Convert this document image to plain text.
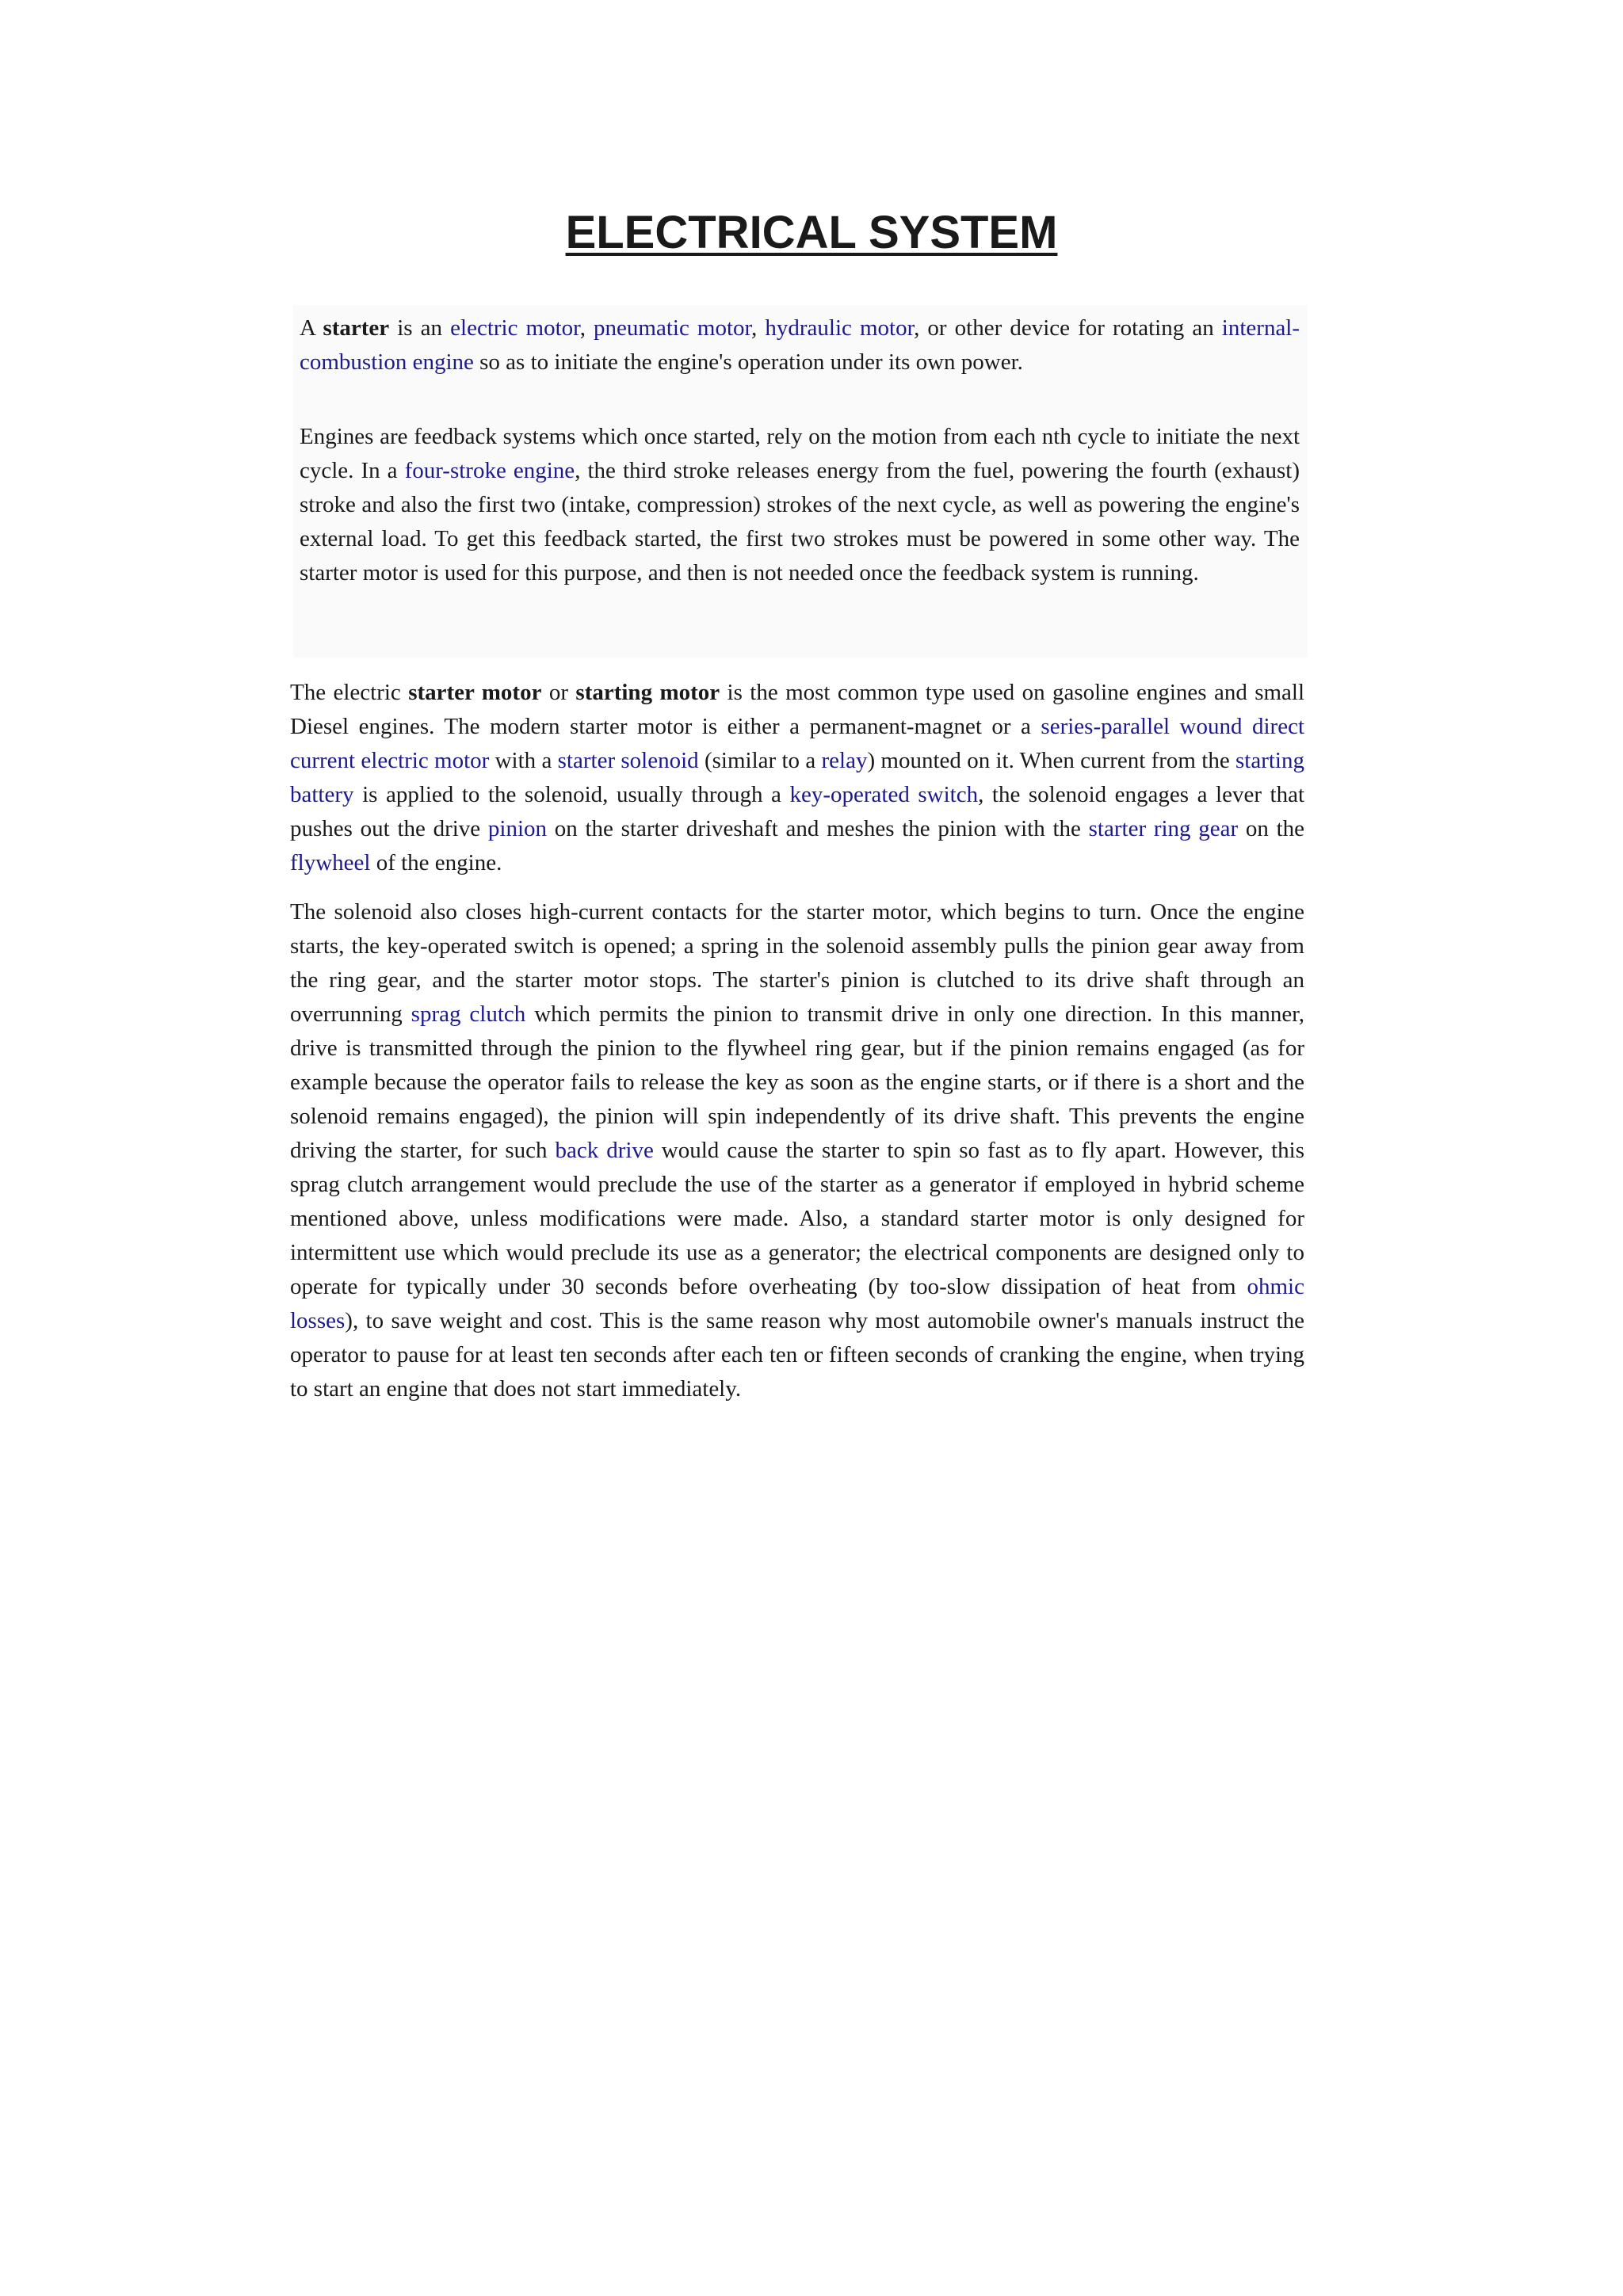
ELECTRICAL SYSTEM

A starter is an electric motor, pneumatic motor, hydraulic motor, or other device for rotating an internal-combustion engine so as to initiate the engine's operation under its own power.

Engines are feedback systems which once started, rely on the motion from each nth cycle to initiate the next cycle. In a four-stroke engine, the third stroke releases energy from the fuel, powering the fourth (exhaust) stroke and also the first two (intake, compression) strokes of the next cycle, as well as powering the engine's external load. To get this feedback started, the first two strokes must be powered in some other way. The starter motor is used for this purpose, and then is not needed once the feedback system is running.

The electric starter motor or starting motor is the most common type used on gasoline engines and small Diesel engines. The modern starter motor is either a permanent-magnet or a series-parallel wound direct current electric motor with a starter solenoid (similar to a relay) mounted on it. When current from the starting battery is applied to the solenoid, usually through a key-operated switch, the solenoid engages a lever that pushes out the drive pinion on the starter driveshaft and meshes the pinion with the starter ring gear on the flywheel of the engine.

The solenoid also closes high-current contacts for the starter motor, which begins to turn. Once the engine starts, the key-operated switch is opened; a spring in the solenoid assembly pulls the pinion gear away from the ring gear, and the starter motor stops. The starter's pinion is clutched to its drive shaft through an overrunning sprag clutch which permits the pinion to transmit drive in only one direction. In this manner, drive is transmitted through the pinion to the flywheel ring gear, but if the pinion remains engaged (as for example because the operator fails to release the key as soon as the engine starts, or if there is a short and the solenoid remains engaged), the pinion will spin independently of its drive shaft. This prevents the engine driving the starter, for such back drive would cause the starter to spin so fast as to fly apart. However, this sprag clutch arrangement would preclude the use of the starter as a generator if employed in hybrid scheme mentioned above, unless modifications were made. Also, a standard starter motor is only designed for intermittent use which would preclude its use as a generator; the electrical components are designed only to operate for typically under 30 seconds before overheating (by too-slow dissipation of heat from ohmic losses), to save weight and cost. This is the same reason why most automobile owner's manuals instruct the operator to pause for at least ten seconds after each ten or fifteen seconds of cranking the engine, when trying to start an engine that does not start immediately.
